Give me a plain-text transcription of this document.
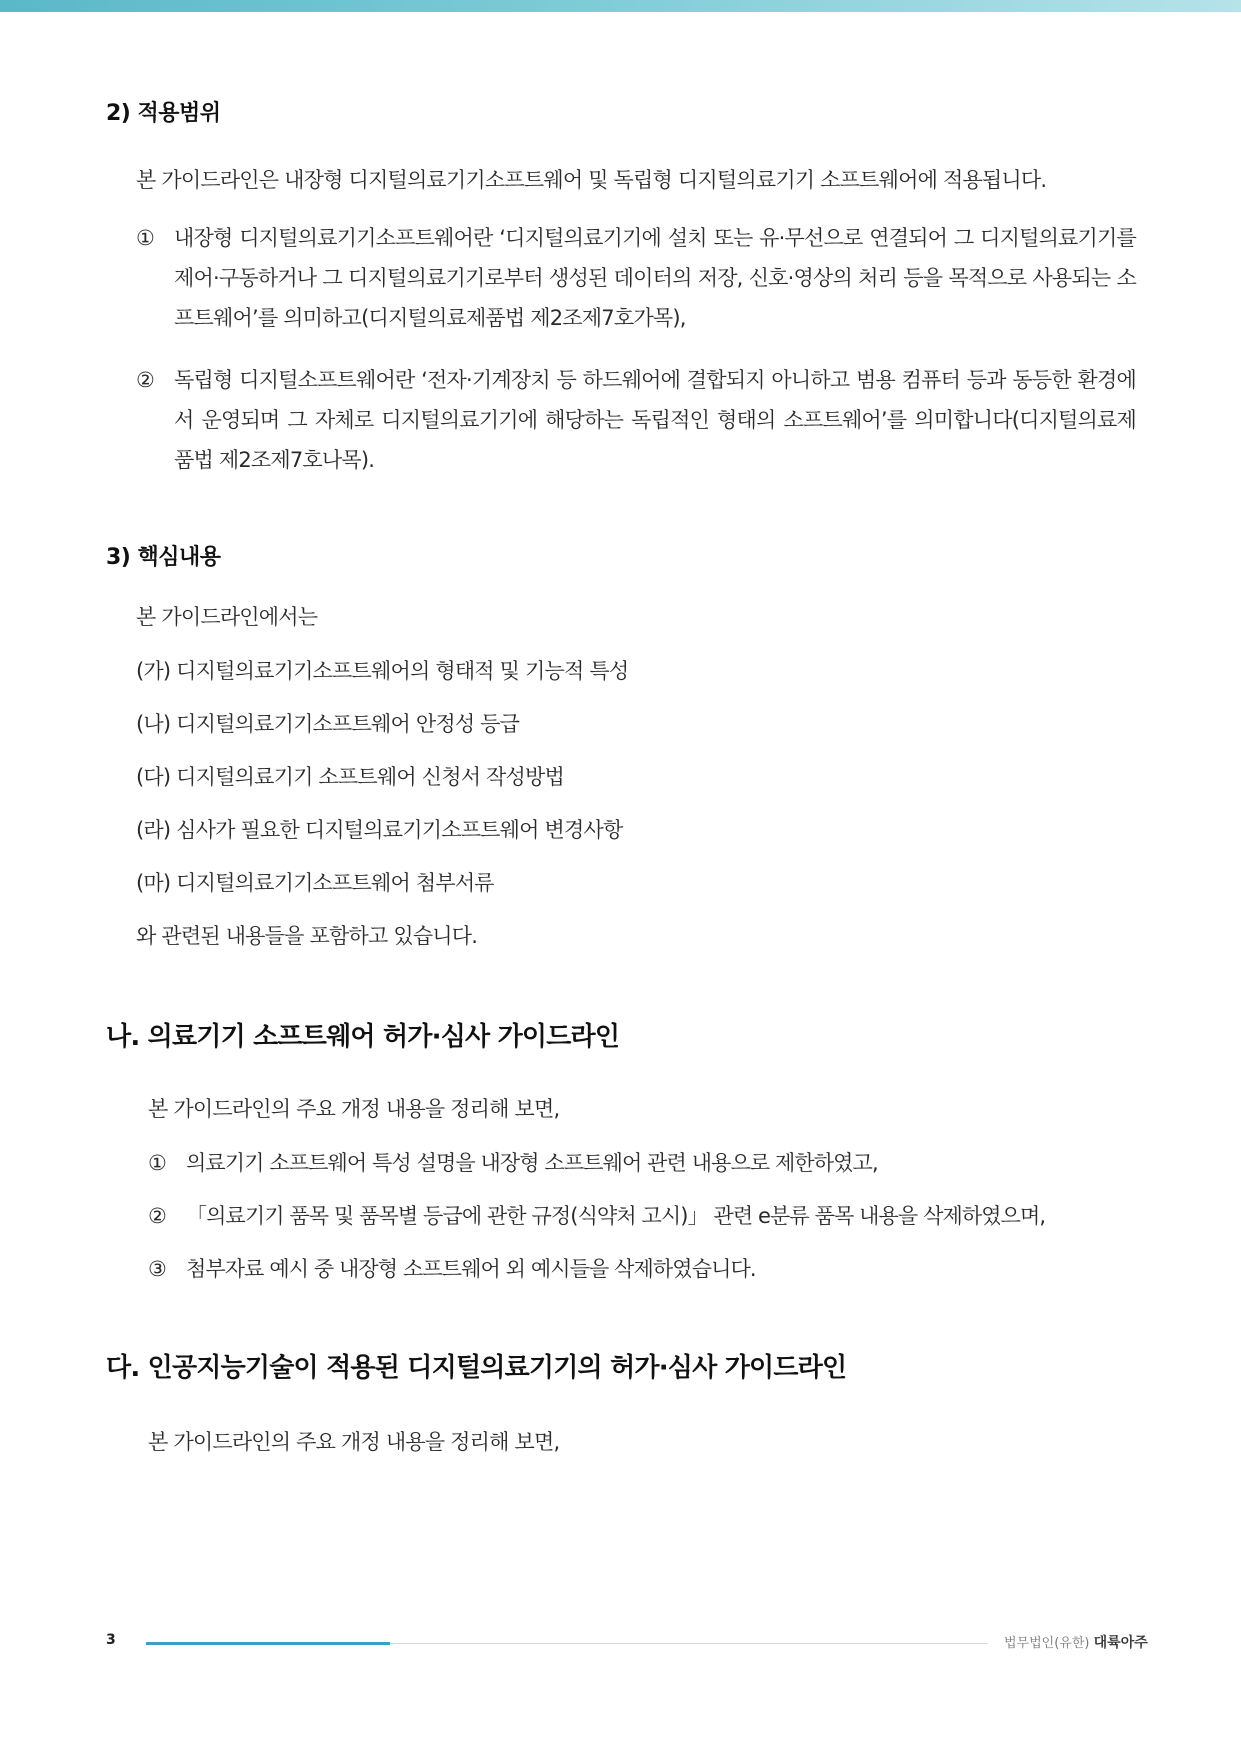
2) 적용범위

본 가이드라인은 내장형 디지털의료기기소프트웨어 및 독립형 디지털의료기기 소프트웨어에 적용됩니다.

① 내장형 디지털의료기기소프트웨어란 ‘디지털의료기기에 설치 또는 유·무선으로 연결되어 그 디지털의료기기를 제어·구동하거나 그 디지털의료기기로부터 생성된 데이터의 저장, 신호·영상의 처리 등을 목적으로 사용되는 소프트웨어’를 의미하고(디지털의료제품법 제2조제7호가목),
② 독립형 디지털소프트웨어란 ‘전자·기계장치 등 하드웨어에 결합되지 아니하고 범용 컴퓨터 등과 동등한 환경에서 운영되며 그 자체로 디지털의료기기에 해당하는 독립적인 형태의 소프트웨어’를 의미합니다(디지털의료제품법 제2조제7호나목).
3) 핵심내용

본 가이드라인에서는

(가) 디지털의료기기소프트웨어의 형태적 및 기능적 특성

(나) 디지털의료기기소프트웨어 안정성 등급

(다) 디지털의료기기 소프트웨어 신청서 작성방법

(라) 심사가 필요한 디지털의료기기소프트웨어 변경사항

(마) 디지털의료기기소프트웨어 첨부서류

와 관련된 내용들을 포함하고 있습니다.

나. 의료기기 소프트웨어 허가·심사 가이드라인

본 가이드라인의 주요 개정 내용을 정리해 보면,

① 의료기기 소프트웨어 특성 설명을 내장형 소프트웨어 관련 내용으로 제한하였고,
② 「의료기기 품목 및 품목별 등급에 관한 규정(식약처 고시)」 관련 e분류 품목 내용을 삭제하였으며,
③ 첨부자료 예시 중 내장형 소프트웨어 외 예시들을 삭제하였습니다.
다. 인공지능기술이 적용된 디지털의료기기의 허가·심사 가이드라인

본 가이드라인의 주요 개정 내용을 정리해 보면,

3	법무법인(유한) 대륙아주
